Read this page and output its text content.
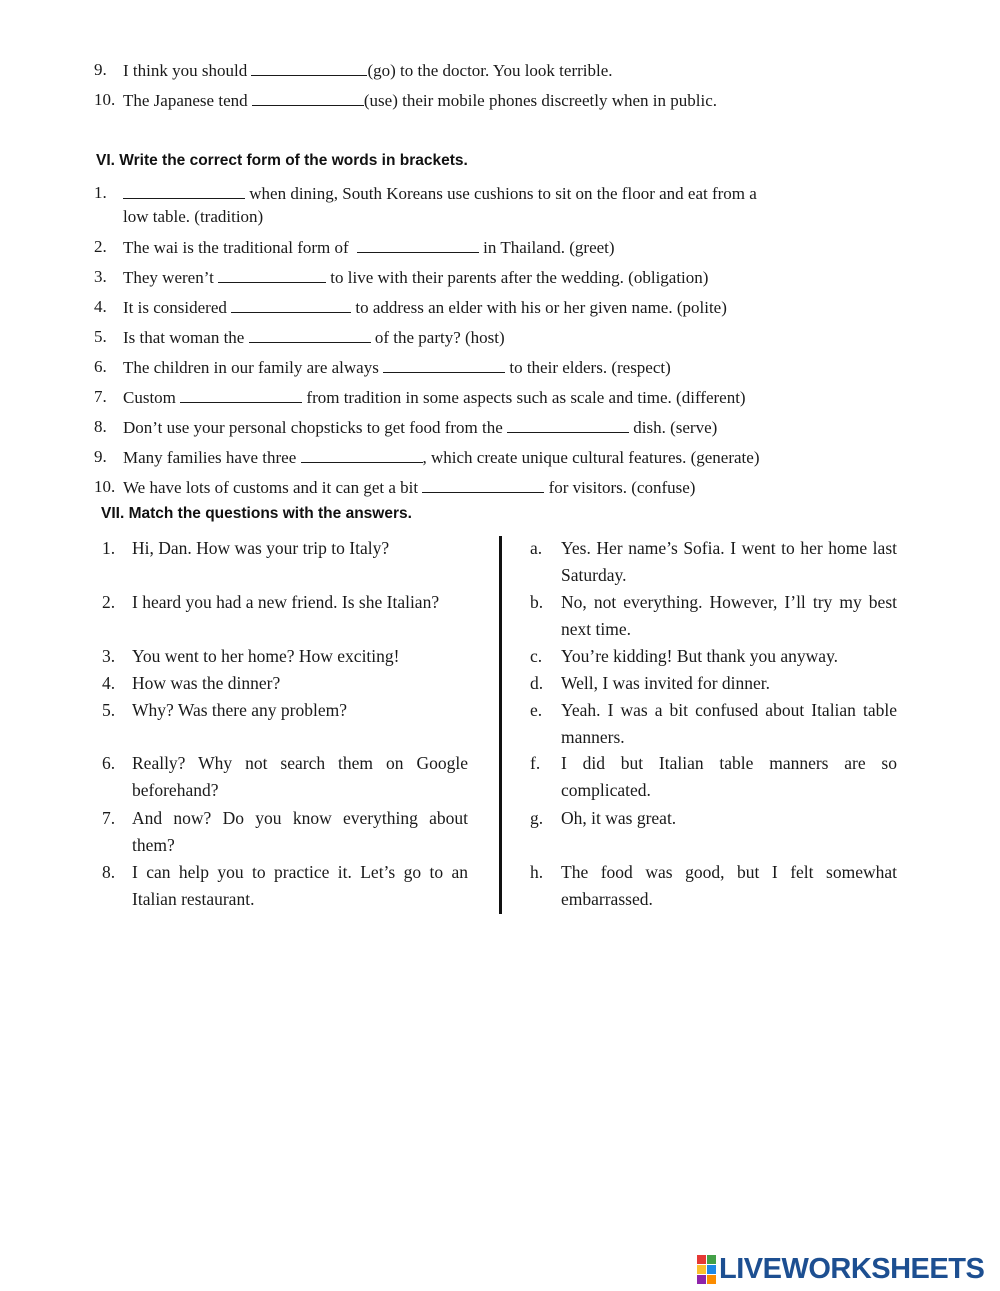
9. I think you should	(go) to the doctor. You look terrible.
10. The Japanese tend	(use) their mobile phones discreetly when in public.
VI. Write the correct form of the words in brackets.
1.	when dining, South Koreans use cushions to sit on the floor and eat from a
low table. (tradition)
2. The wai is the traditional form of	in Thailand. (greet)
3. They weren’t	to live with their parents after the wedding. (obligation)
4. It is considered	to address an elder with his or her given name. (polite)
5. Is that woman the	of the party? (host)
6. The children in our family are always	to their elders. (respect)
7. Custom	from tradition in some aspects such as scale and time. (different)
8. Don’t use your personal chopsticks to get food from the	dish. (serve)
9. Many families have three	, which create unique cultural features. (generate)
10. We have lots of customs and it can get a bit	for visitors. (confuse)
VII. Match the questions with the answers.
1. Hi, Dan. How was your trip to Italy?
2. I heard you had a new friend. Is she Italian?
3. You went to her home? How exciting!
4. How was the dinner?
5. Why? Was there any problem?
6. Really? Why not search them on Google beforehand?
7. And now? Do you know everything about them?
8. I can help you to practice it. Let’s go to an Italian restaurant.
a. Yes. Her name’s Sofia. I went to her home last Saturday.
b. No, not everything. However, I’ll try my best next time.
c. You’re kidding! But thank you anyway.
d. Well, I was invited for dinner.
e. Yeah. I was a bit confused about Italian table manners.
f. I did but Italian table manners are so complicated.
g. Oh, it was great.
h. The food was good, but I felt somewhat embarrassed.
LIVEWORKSHEETS
